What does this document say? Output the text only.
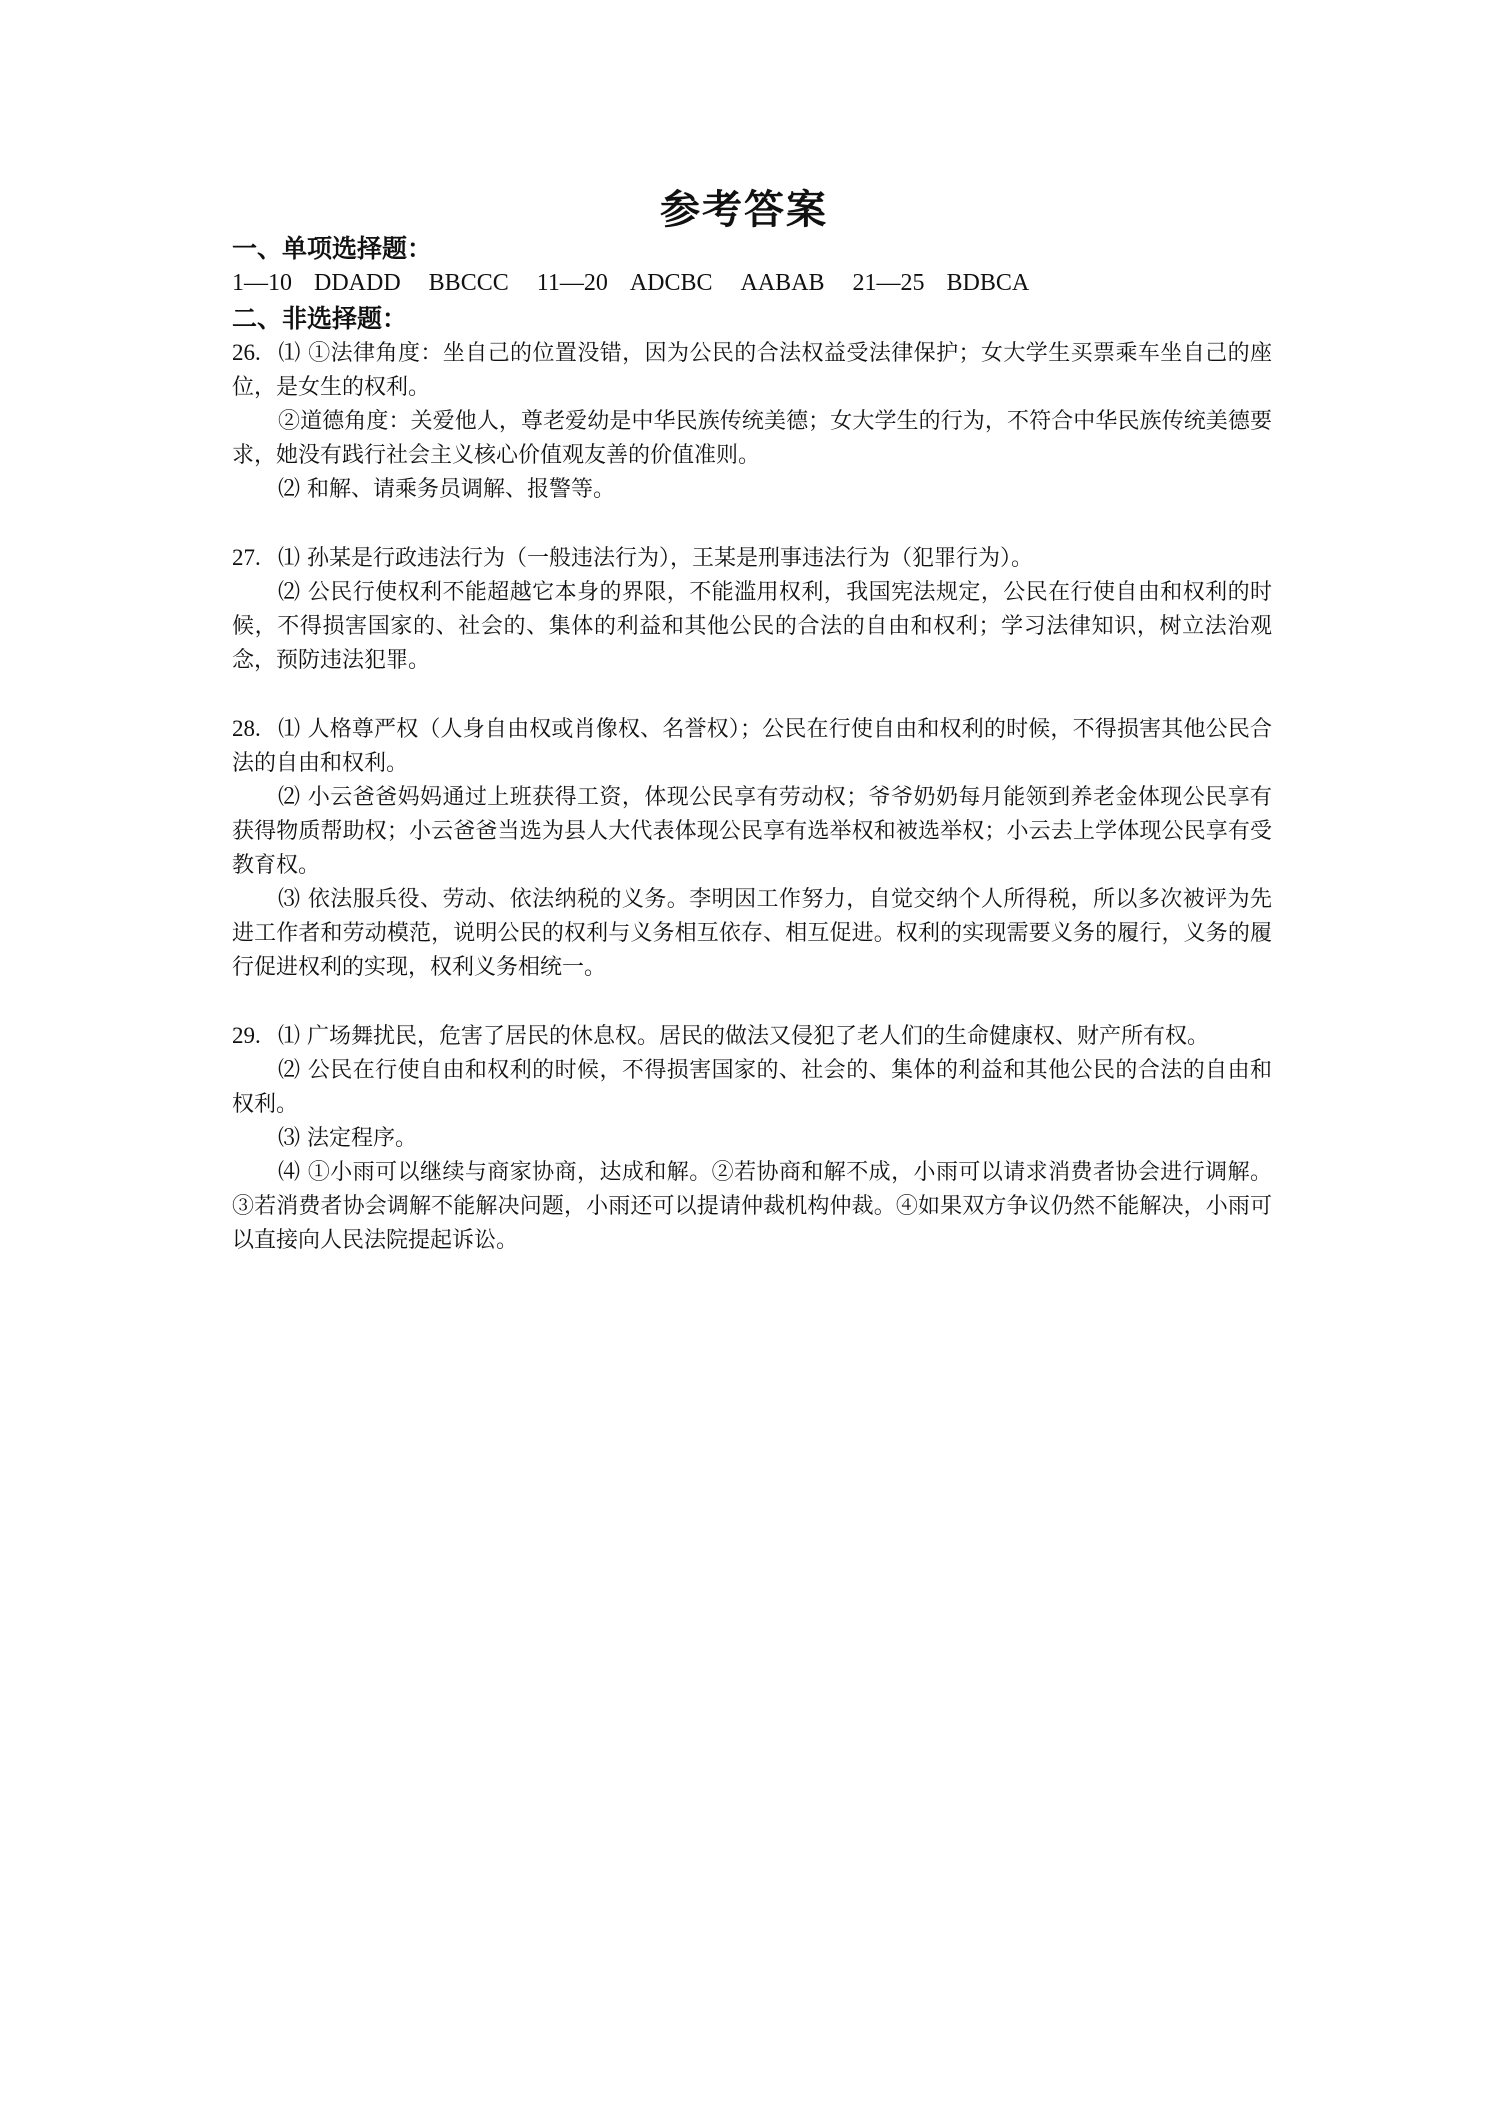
参考答案

一、单项选择题：

1—10 DDADD BBCCC 11—20 ADCBC AABAB 21—25 BDBCA

二、非选择题：

26. ⑴ ①法律角度：坐自己的位置没错，因为公民的合法权益受法律保护；女大学生买票乘车坐自己的座位，是女生的权利。

②道德角度：关爱他人，尊老爱幼是中华民族传统美德；女大学生的行为，不符合中华民族传统美德要求，她没有践行社会主义核心价值观友善的价值准则。

⑵ 和解、请乘务员调解、报警等。

27. ⑴ 孙某是行政违法行为（一般违法行为），王某是刑事违法行为（犯罪行为）。

⑵ 公民行使权利不能超越它本身的界限，不能滥用权利，我国宪法规定，公民在行使自由和权利的时候，不得损害国家的、社会的、集体的利益和其他公民的合法的自由和权利；学习法律知识，树立法治观念，预防违法犯罪。

28. ⑴ 人格尊严权（人身自由权或肖像权、名誉权）；公民在行使自由和权利的时候，不得损害其他公民合法的自由和权利。

⑵ 小云爸爸妈妈通过上班获得工资，体现公民享有劳动权；爷爷奶奶每月能领到养老金体现公民享有获得物质帮助权；小云爸爸当选为县人大代表体现公民享有选举权和被选举权；小云去上学体现公民享有受教育权。

⑶ 依法服兵役、劳动、依法纳税的义务。李明因工作努力，自觉交纳个人所得税，所以多次被评为先进工作者和劳动模范，说明公民的权利与义务相互依存、相互促进。权利的实现需要义务的履行，义务的履行促进权利的实现，权利义务相统一。

29. ⑴ 广场舞扰民，危害了居民的休息权。居民的做法又侵犯了老人们的生命健康权、财产所有权。

⑵ 公民在行使自由和权利的时候，不得损害国家的、社会的、集体的利益和其他公民的合法的自由和权利。

⑶ 法定程序。

⑷ ①小雨可以继续与商家协商，达成和解。②若协商和解不成，小雨可以请求消费者协会进行调解。③若消费者协会调解不能解决问题，小雨还可以提请仲裁机构仲裁。④如果双方争议仍然不能解决，小雨可以直接向人民法院提起诉讼。
